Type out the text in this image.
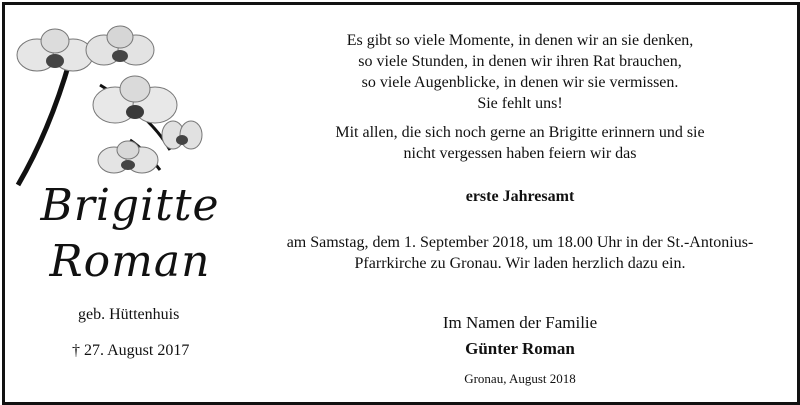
Brigitte
Roman
geb. Hüttenhuis
† 27. August 2017
Es gibt so viele Momente, in denen wir an sie denken,
so viele Stunden, in denen wir ihren Rat brauchen,
so viele Augenblicke, in denen wir sie vermissen.
Sie fehlt uns!
Mit allen, die sich noch gerne an Brigitte erinnern und sie
nicht vergessen haben feiern wir das
erste Jahresamt
am Samstag, dem 1. September 2018, um 18.00 Uhr in der St.-Antonius-
Pfarrkirche zu Gronau. Wir laden herzlich dazu ein.
Im Namen der Familie
Günter Roman
Gronau, August 2018
